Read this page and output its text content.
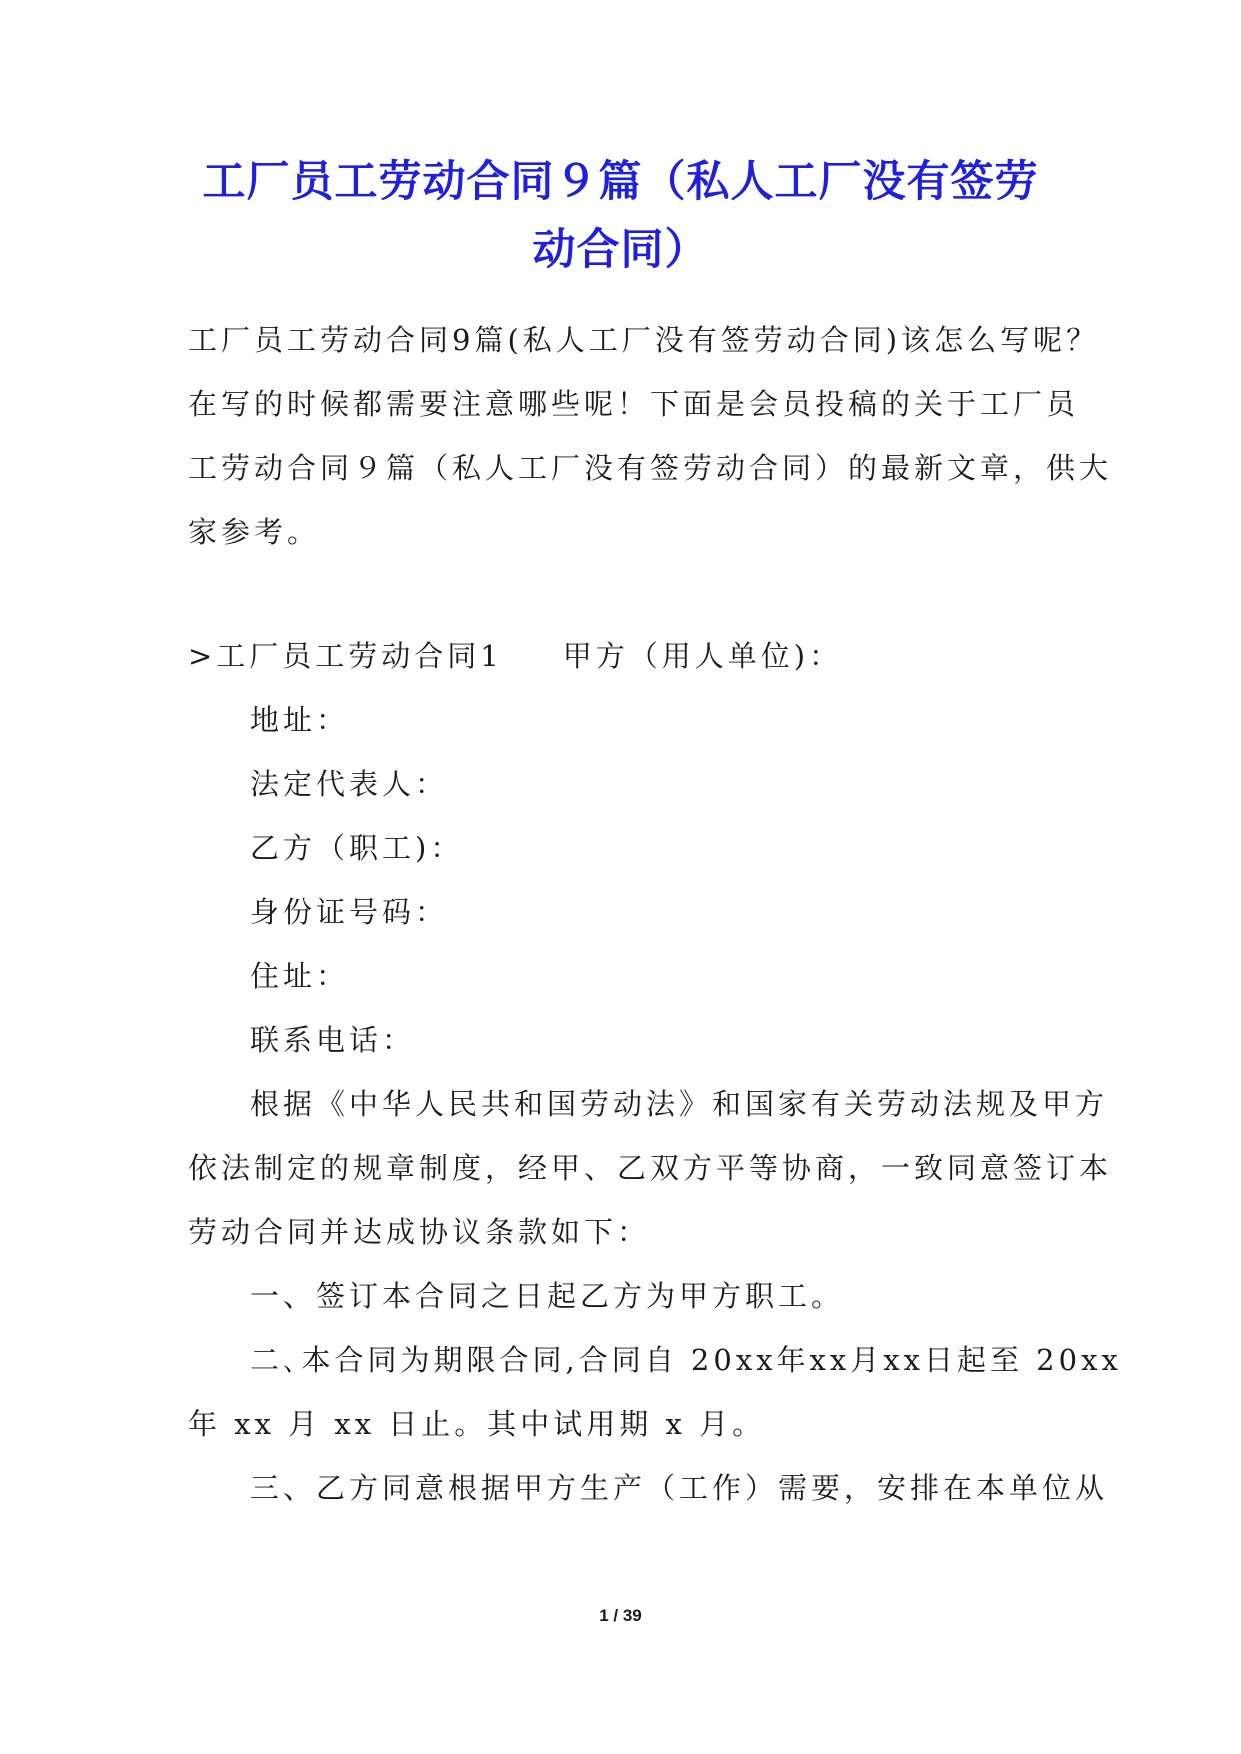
工厂员工劳动合同９篇（私人工厂没有签劳
动合同）

工厂员工劳动合同9篇(私人工厂没有签劳动合同)该怎么写呢？

在写的时候都需要注意哪些呢！下面是会员投稿的关于工厂员

工劳动合同９篇（私人工厂没有签劳动合同）的最新文章，供大

家参考。

>工厂员工劳动合同1 甲方（用人单位)：

地址：

法定代表人：

乙方（职工)：

身份证号码：

住址：

联系电话：

根据《中华人民共和国劳动法》和国家有关劳动法规及甲方

依法制定的规章制度，经甲、乙双方平等协商，一致同意签订本

劳动合同并达成协议条款如下：

一、签订本合同之日起乙方为甲方职工。

二､本合同为期限合同,合同自 20xx年xx月xx日起至 20xx

年 xx 月 xx 日止。其中试用期 x 月。

三、乙方同意根据甲方生产（工作）需要，安排在本单位从

1 / 39
